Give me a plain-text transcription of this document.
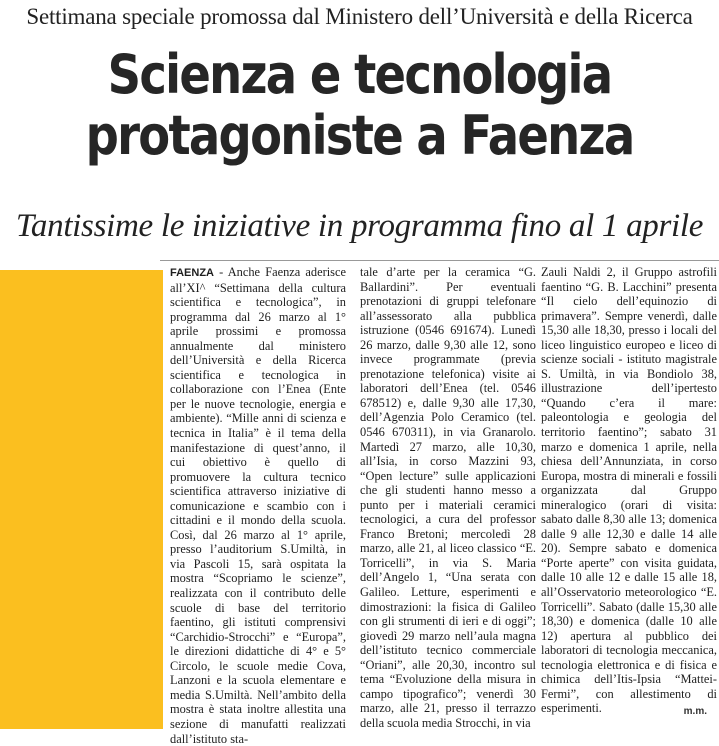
Settimana speciale promossa dal Ministero dell’Università e della Ricerca
Scienza e tecnologia
protagoniste a Faenza
Tantissime le iniziative in programma fino al 1 aprile
FAENZA - Anche Faenza aderisce all’XI^ “Settimana della cultura scientifica e tecnologica”, in programma dal 26 marzo al 1° aprile prossimi e promossa annualmente dal ministero dell’Università e della Ricerca scientifica e tecnologica in collaborazione con l’Enea (Ente per le nuove tecnologie, energia e ambiente). “Mille anni di scienza e tecnica in Italia” è il tema della manifestazione di quest’anno, il cui obiettivo è quello di promuovere la cultura tecnico scientifica attraverso iniziative di comunicazione e scambio con i cittadini e il mondo della scuola. Così, dal 26 marzo al 1° aprile, presso l’auditorium S.Umiltà, in via Pascoli 15, sarà ospitata la mostra “Scopriamo le scienze”, realizzata con il contributo delle scuole di base del territorio faentino, gli istituti comprensivi “Carchidio-Strocchi” e “Europa”, le direzioni didattiche di 4° e 5° Circolo, le scuole medie Cova, Lanzoni e la scuola elementare e media S.Umiltà. Nell’ambito della mostra è stata inoltre allestita una sezione di manufatti realizzati dall’istituto sta-
tale d’arte per la ceramica “G. Ballardini”. Per eventuali prenotazioni di gruppi telefonare all’assessorato alla pubblica istruzione (0546 691674). Lunedì 26 marzo, dalle 9,30 alle 12, sono invece programmate (previa prenotazione telefonica) visite ai laboratori dell’Enea (tel. 0546 678512) e, dalle 9,30 alle 17,30, dell’Agenzia Polo Ceramico (tel. 0546 670311), in via Granarolo. Martedì 27 marzo, alle 10,30, all’Isia, in corso Mazzini 93, “Open lecture” sulle applicazioni che gli studenti hanno messo a punto per i materiali ceramici tecnologici, a cura del professor Franco Bretoni; mercoledì 28 marzo, alle 21, al liceo classico “E. Torricelli”, in via S. Maria dell’Angelo 1, “Una serata con Galileo. Letture, esperimenti e dimostrazioni: la fisica di Galileo con gli strumenti di ieri e di oggi”; giovedì 29 marzo nell’aula magna dell’istituto tecnico commerciale “Oriani”, alle 20,30, incontro sul tema “Evoluzione della misura in campo tipografico”; venerdì 30 marzo, alle 21, presso il terrazzo della scuola media Strocchi, in via
Zauli Naldi 2, il Gruppo astrofili faentino “G. B. Lacchini” presenta “Il cielo dell’equinozio di primavera”. Sempre venerdì, dalle 15,30 alle 18,30, presso i locali del liceo linguistico europeo e liceo di scienze sociali - istituto magistrale S. Umiltà, in via Bondiolo 38, illustrazione dell’ipertesto “Quando c’era il mare: paleontologia e geologia del territorio faentino”; sabato 31 marzo e domenica 1 aprile, nella chiesa dell’Annunziata, in corso Europa, mostra di minerali e fossili organizzata dal Gruppo mineralogico (orari di visita: sabato dalle 8,30 alle 13; domenica dalle 9 alle 12,30 e dalle 14 alle 20). Sempre sabato e domenica “Porte aperte” con visita guidata, dalle 10 alle 12 e dalle 15 alle 18, all’Osservatorio meteorologico “E. Torricelli”. Sabato (dalle 15,30 alle 18,30) e domenica (dalle 10 alle 12) apertura al pubblico dei laboratori di tecnologia meccanica, tecnologia elettronica e di fisica e chimica dell’Itis-Ipsia “Mattei-Fermi”, con allestimento di esperimenti.	m.m.
